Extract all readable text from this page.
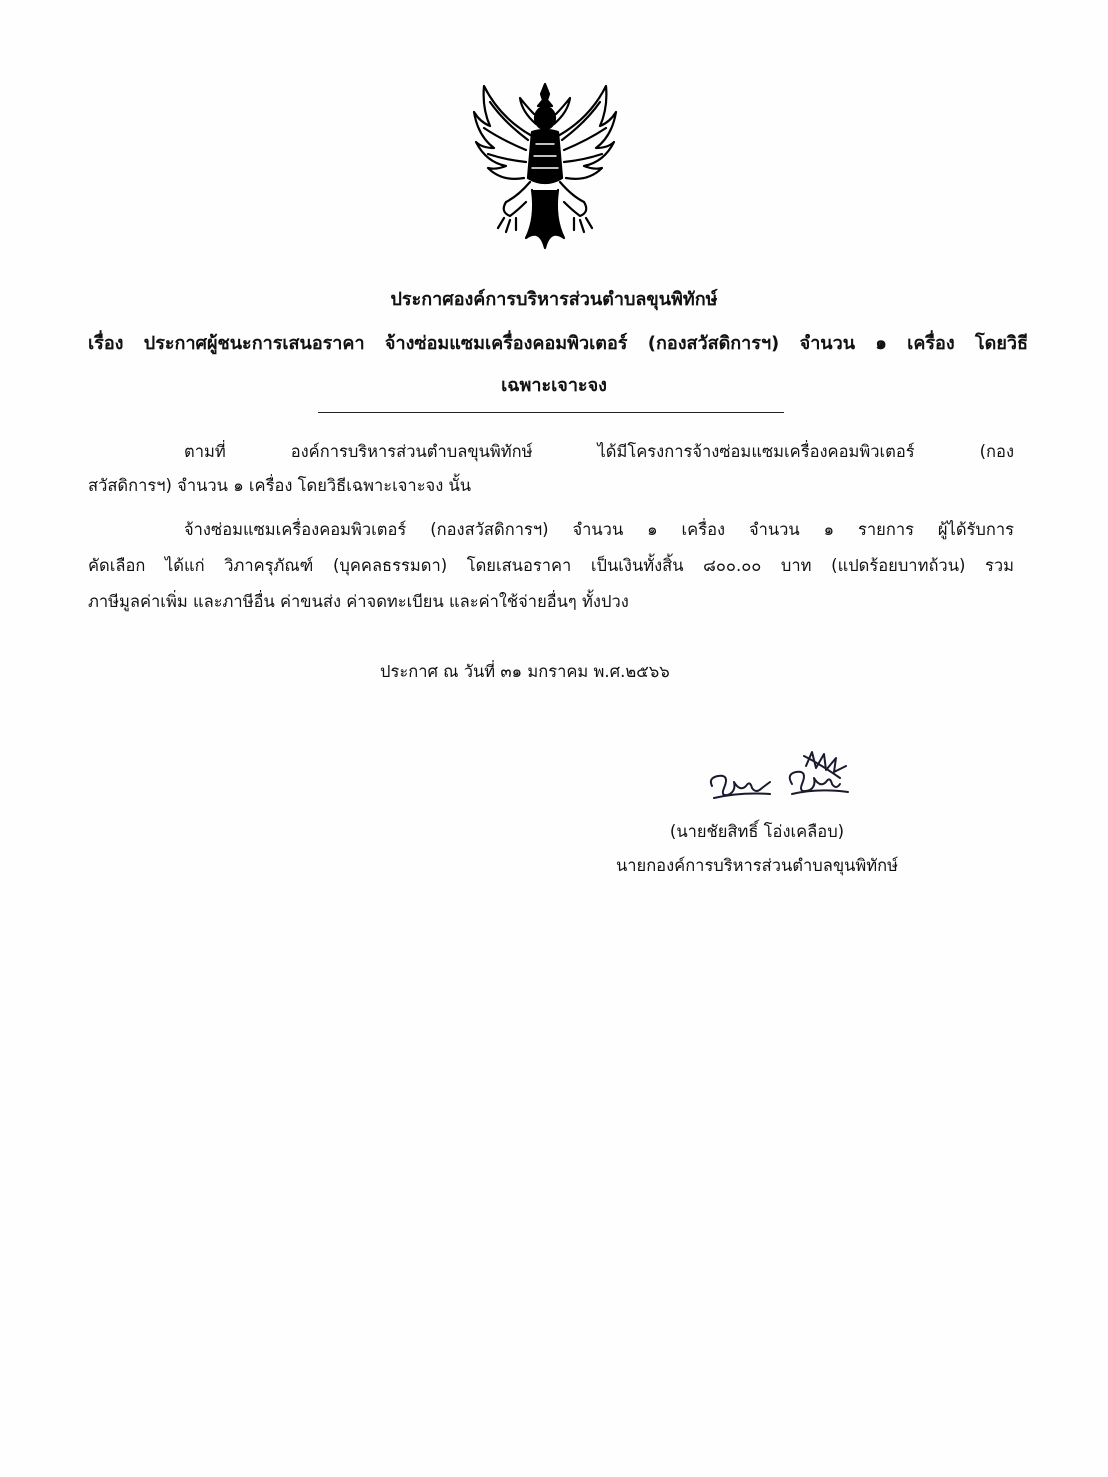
ประกาศองค์การบริหารส่วนตำบลขุนพิทักษ์
เรื่อง ประกาศผู้ชนะการเสนอราคา จ้างซ่อมแซมเครื่องคอมพิวเตอร์ (กองสวัสดิการฯ) จำนวน ๑ เครื่อง โดยวิธี
เฉพาะเจาะจง
ตามที่ องค์การบริหารส่วนตำบลขุนพิทักษ์ ได้มีโครงการจ้างซ่อมแซมเครื่องคอมพิวเตอร์ (กอง
สวัสดิการฯ) จำนวน ๑ เครื่อง โดยวิธีเฉพาะเจาะจง นั้น
จ้างซ่อมแซมเครื่องคอมพิวเตอร์ (กองสวัสดิการฯ) จำนวน ๑ เครื่อง จำนวน ๑ รายการ ผู้ได้รับการ
คัดเลือก ได้แก่ วิภาครุภัณฑ์ (บุคคลธรรมดา) โดยเสนอราคา เป็นเงินทั้งสิ้น ๘๐๐.๐๐ บาท (แปดร้อยบาทถ้วน) รวม
ภาษีมูลค่าเพิ่ม และภาษีอื่น ค่าขนส่ง ค่าจดทะเบียน และค่าใช้จ่ายอื่นๆ ทั้งปวง
ประกาศ ณ วันที่ ๓๑ มกราคม พ.ศ.๒๕๖๖
(นายชัยสิทธิ์ โอ่งเคลือบ)
นายกองค์การบริหารส่วนตำบลขุนพิทักษ์
